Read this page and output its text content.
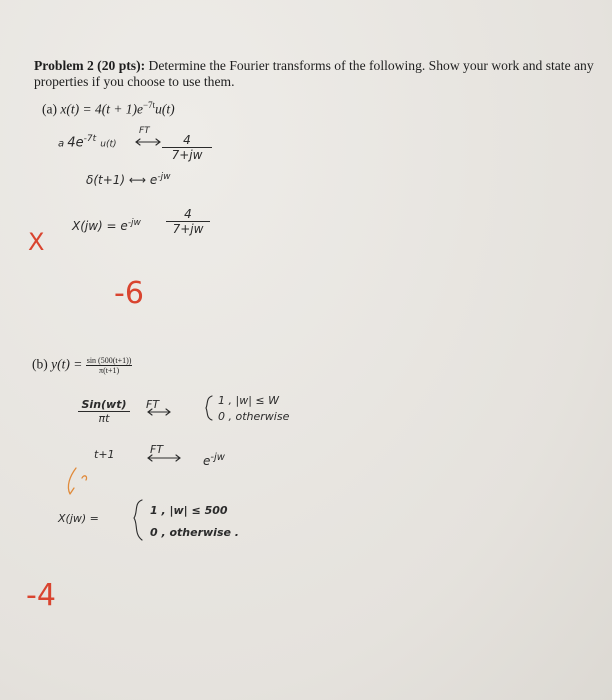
Problem 2 (20 pts): Determine the Fourier transforms of the following. Show your work and state any properties if you choose to use them.
(a) $x(t) = 4(t + 1)e^{-7t}u(t)$
a $4e^{-7t}$ u(t)
FT
4
7+jw
δ(t+1) ⟷ $e^{-jw}$
$X(jw) = e^{-jw}$
4
7+jw
X
-6
(b) $y(t) = \frac{\sin (500(t+1))}{\pi(t+1)}$
Sin(wt)
πt
FT	1 , |w| ≤ W
0 , otherwise
t+1	FT
$e^{-jw}$
X(jw) =
1 , |w| ≤ 500
0 , otherwise .
-4
